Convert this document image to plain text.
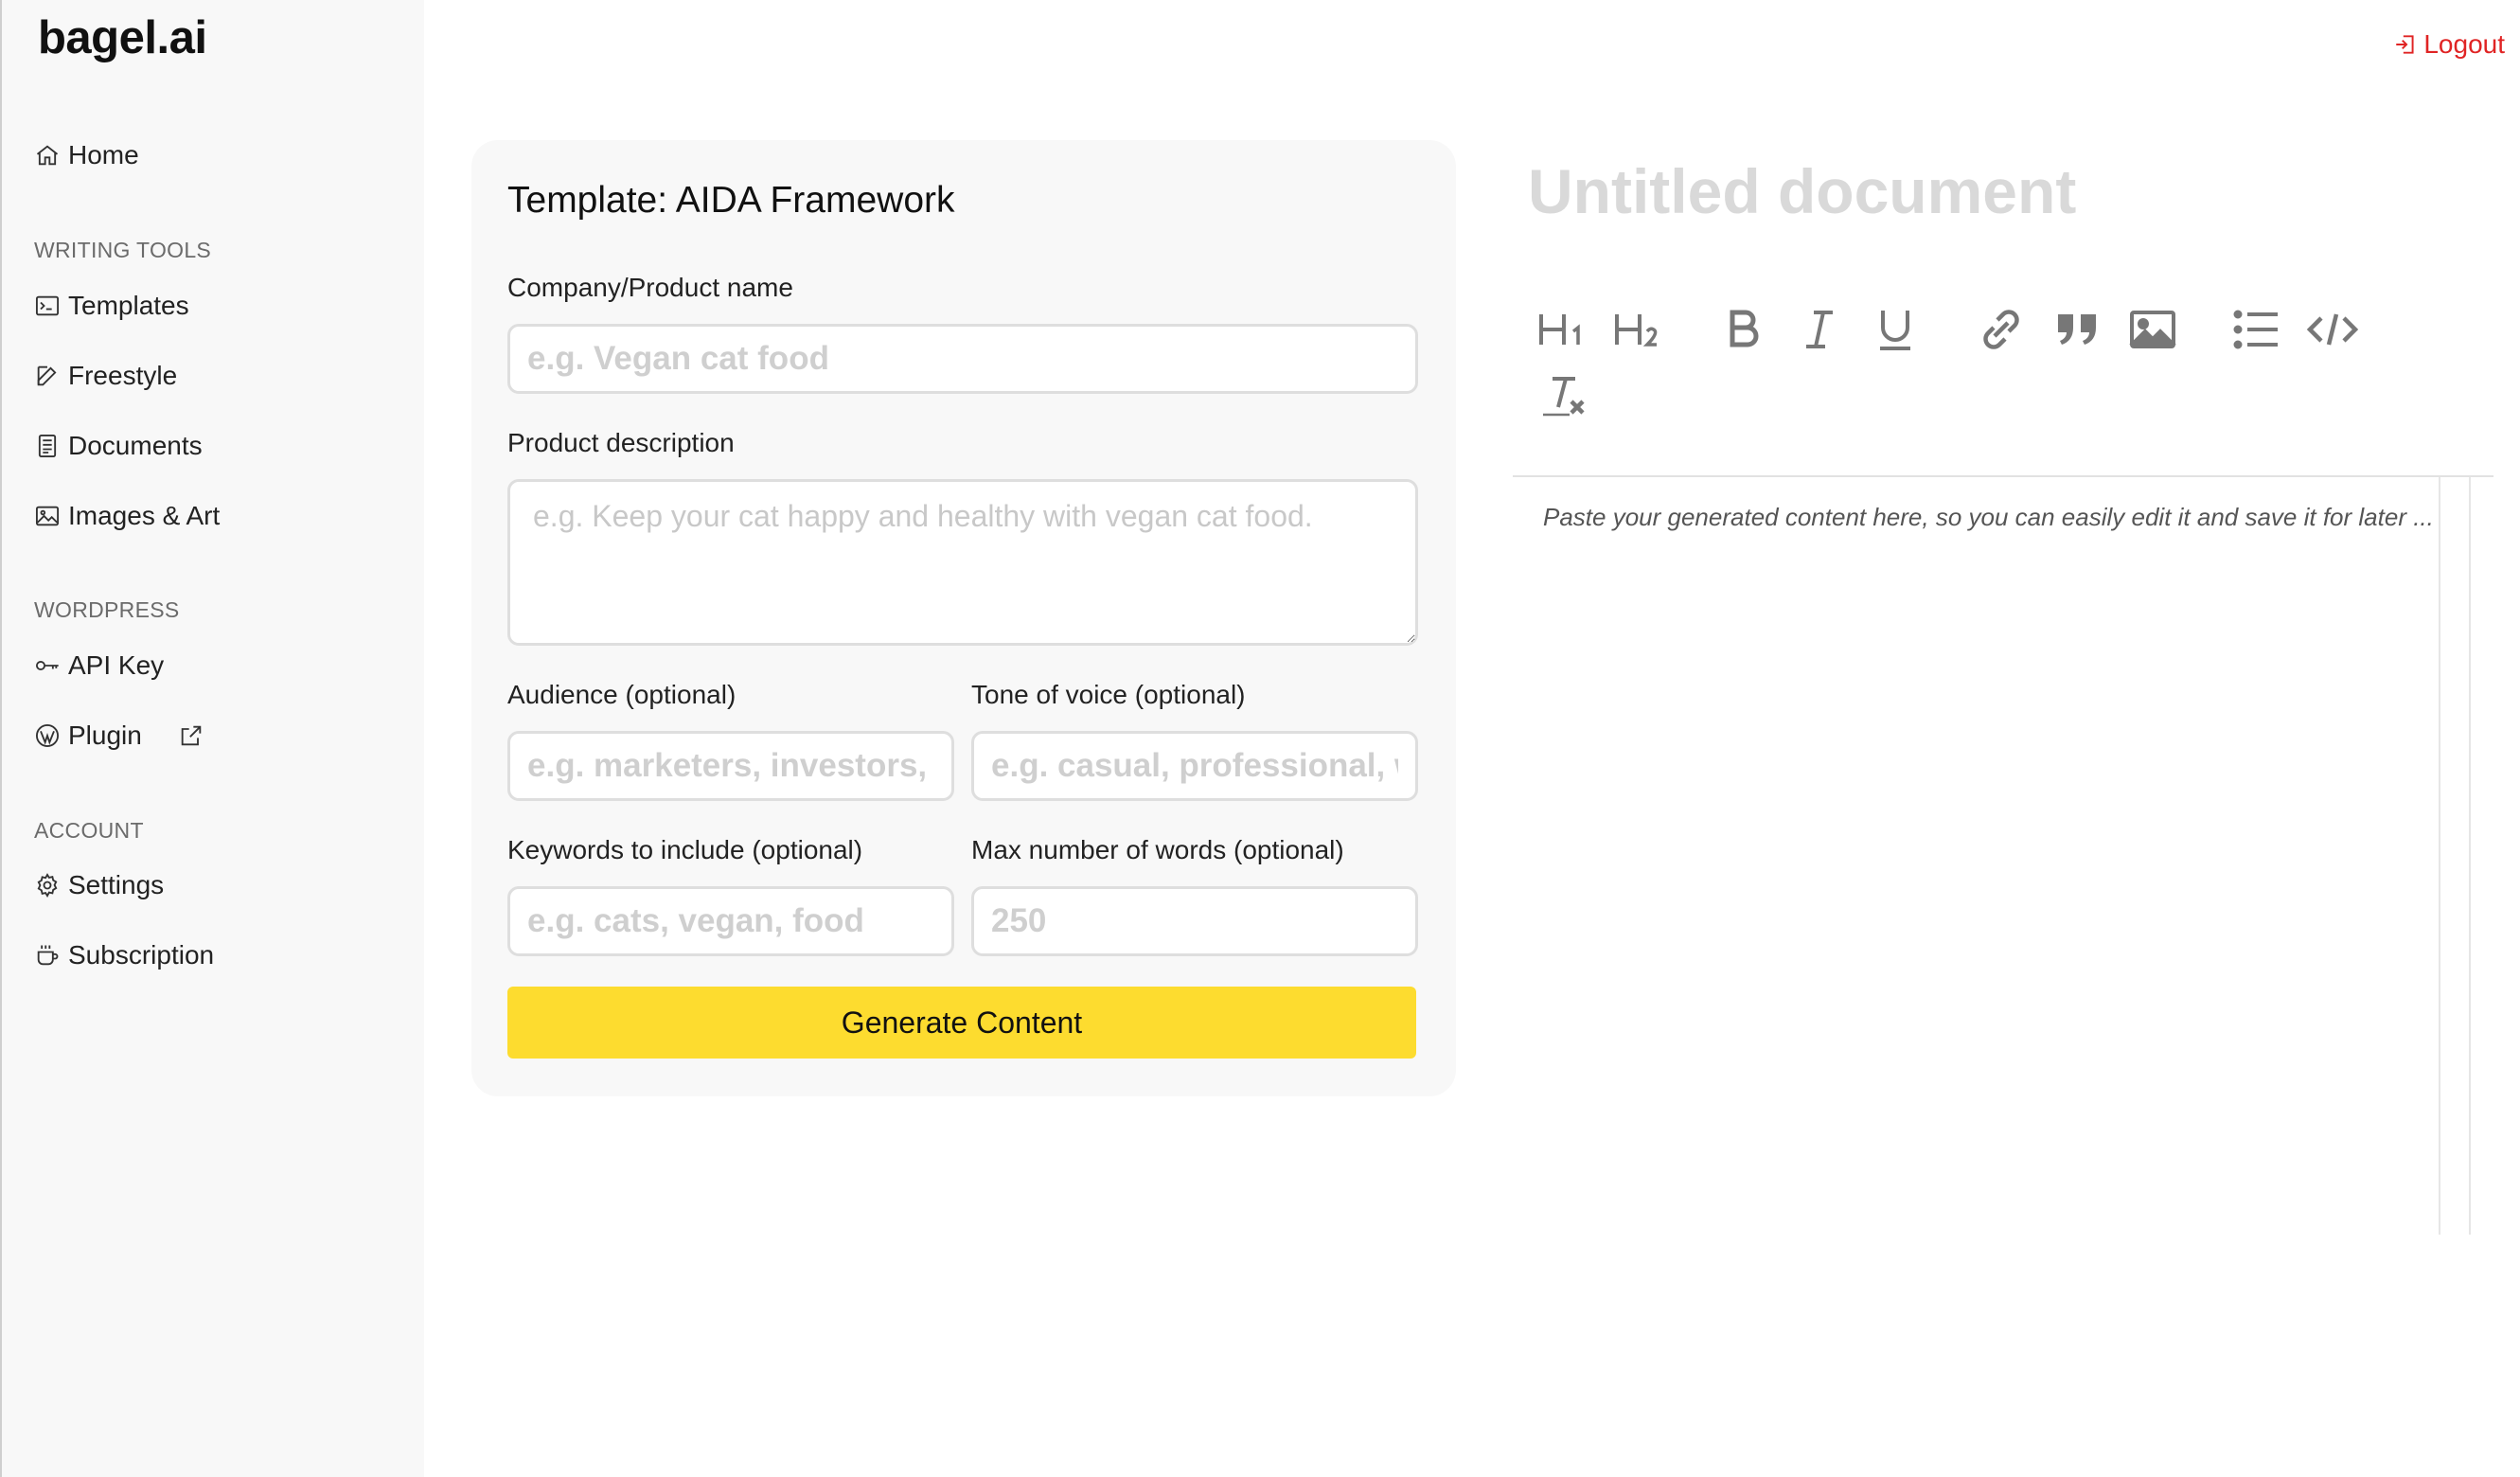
bagel.ai
Home
WRITING TOOLS
Templates
Freestyle
Documents
Images & Art
WORDPRESS
API Key
Plugin
ACCOUNT
Settings
Subscription
Logout
Template: AIDA Framework
Company/Product name
e.g. Vegan cat food
Product description
e.g. Keep your cat happy and healthy with vegan cat food.
Audience (optional)
e.g. marketers, investors, parents	Tone of voice (optional)
e.g. casual, professional, witty
Keywords to include (optional)
e.g. cats, vegan, food	Max number of words (optional)
250
Generate Content
Untitled document
Paste your generated content here, so you can easily edit it and save it for later ...
